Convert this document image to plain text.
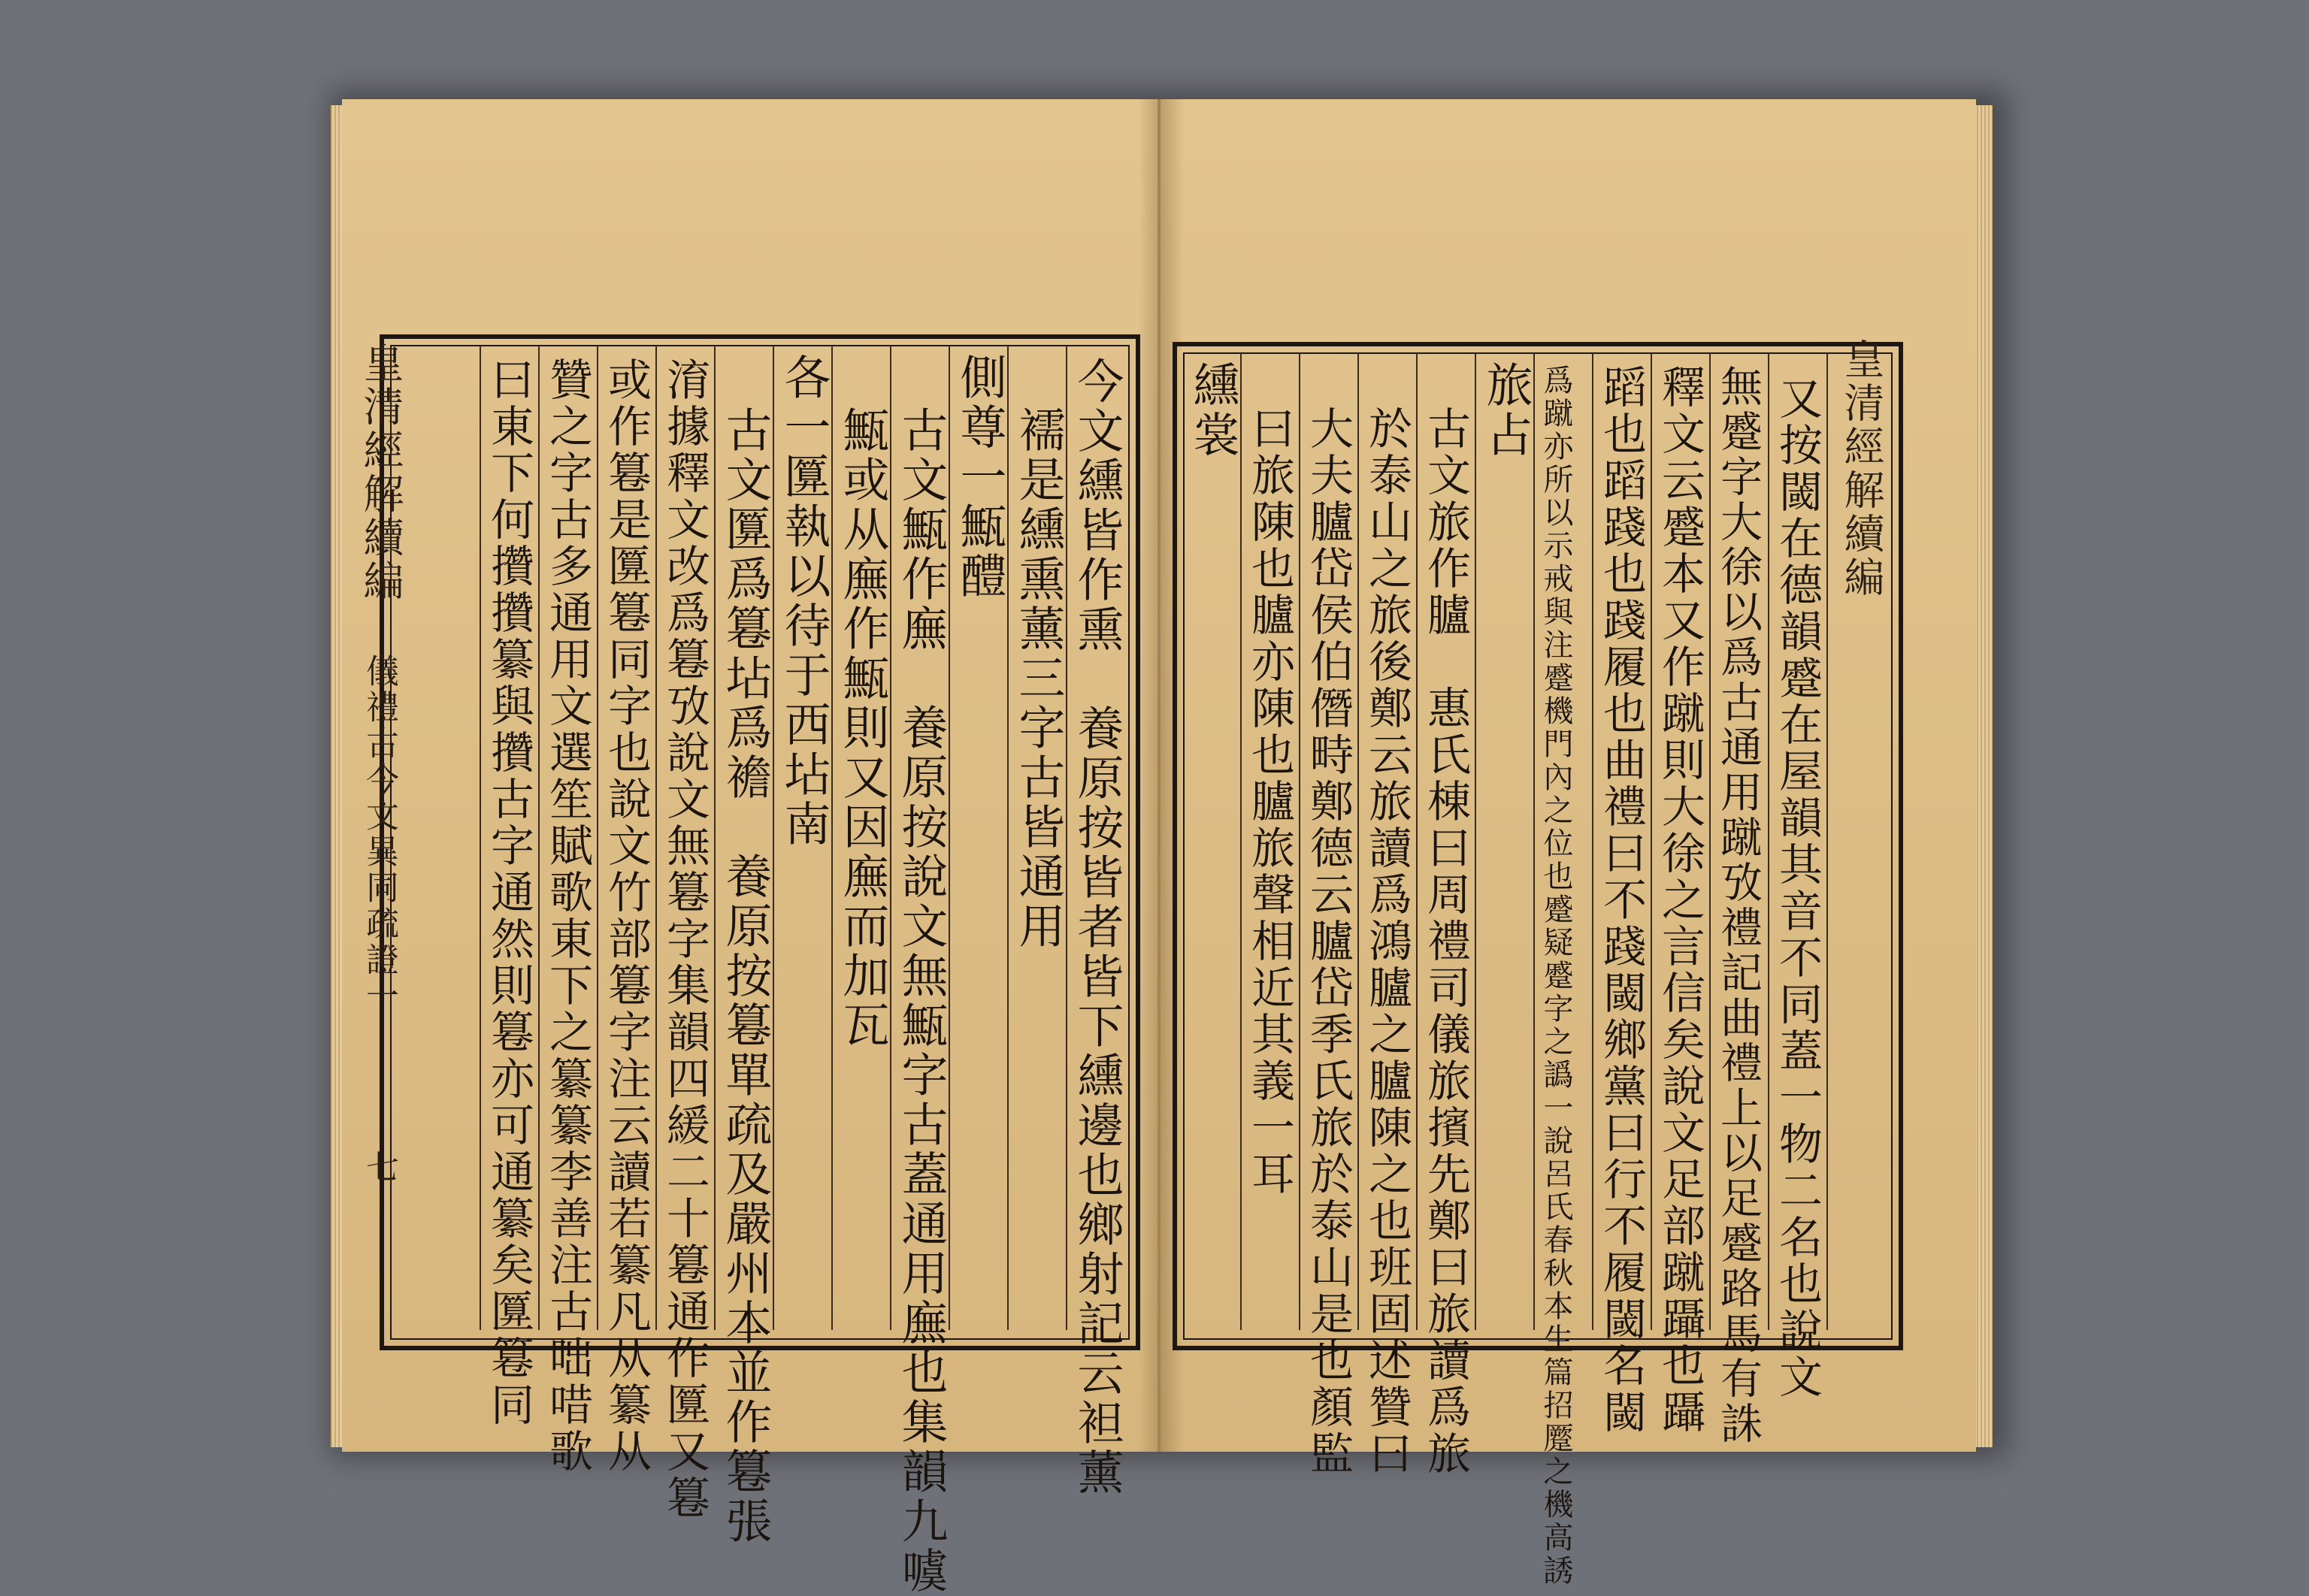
皇清經解續編
儀禮古今文異同疏證一
七	今文纁皆作熏　養原按皆者皆下纁邊也鄉射記云袒薰
襦是纁熏薰三字古皆通用
側尊一甒醴
古文甒作廡　養原按說文無甒字古蓋通用廡也集韻九噳
甒或从廡作甒則又因廡而加瓦
各一匴執以待于西坫南
古文匴爲篹坫爲襜　養原按篹單疏及嚴州本並作篹張
淯據釋文改爲篹攷說文無篹字集韻四緩二十篹通作匴又篹
或作篹是匴篹同字也說文竹部篹字注云讀若纂凡从纂从
贊之字古多通用文選笙賦歌東下之纂纂李善注古咄唶歌
曰東下何攢攢纂與攢古字通然則篹亦可通纂矣匴篹同	皇清經解續編
又按閾在德韻蹙在屋韻其音不同蓋一物二名也說文
無蹙字大徐以爲古通用蹴攷禮記曲禮上以足蹙路馬有誅
釋文云蹙本又作蹴則大徐之言信矣說文足部蹴躡也躡
蹈也蹈踐也踐履也曲禮曰不踐閾鄉黨曰行不履閾名閾
爲蹴亦所以示戒與注蹙機門內之位也蹙疑蹙字之譌一說呂氏春秋本生篇招蹷之機高誘
旅占
古文旅作臚　惠氏棟曰周禮司儀旅擯先鄭曰旅讀爲旅
於泰山之旅後鄭云旅讀爲鴻臚之臚陳之也班固述贊曰
大夫臚岱侯伯僭畤鄭德云臚岱季氏旅於泰山是也顏監
曰旅陳也臚亦陳也臚旅聲相近其義一耳
纁裳
